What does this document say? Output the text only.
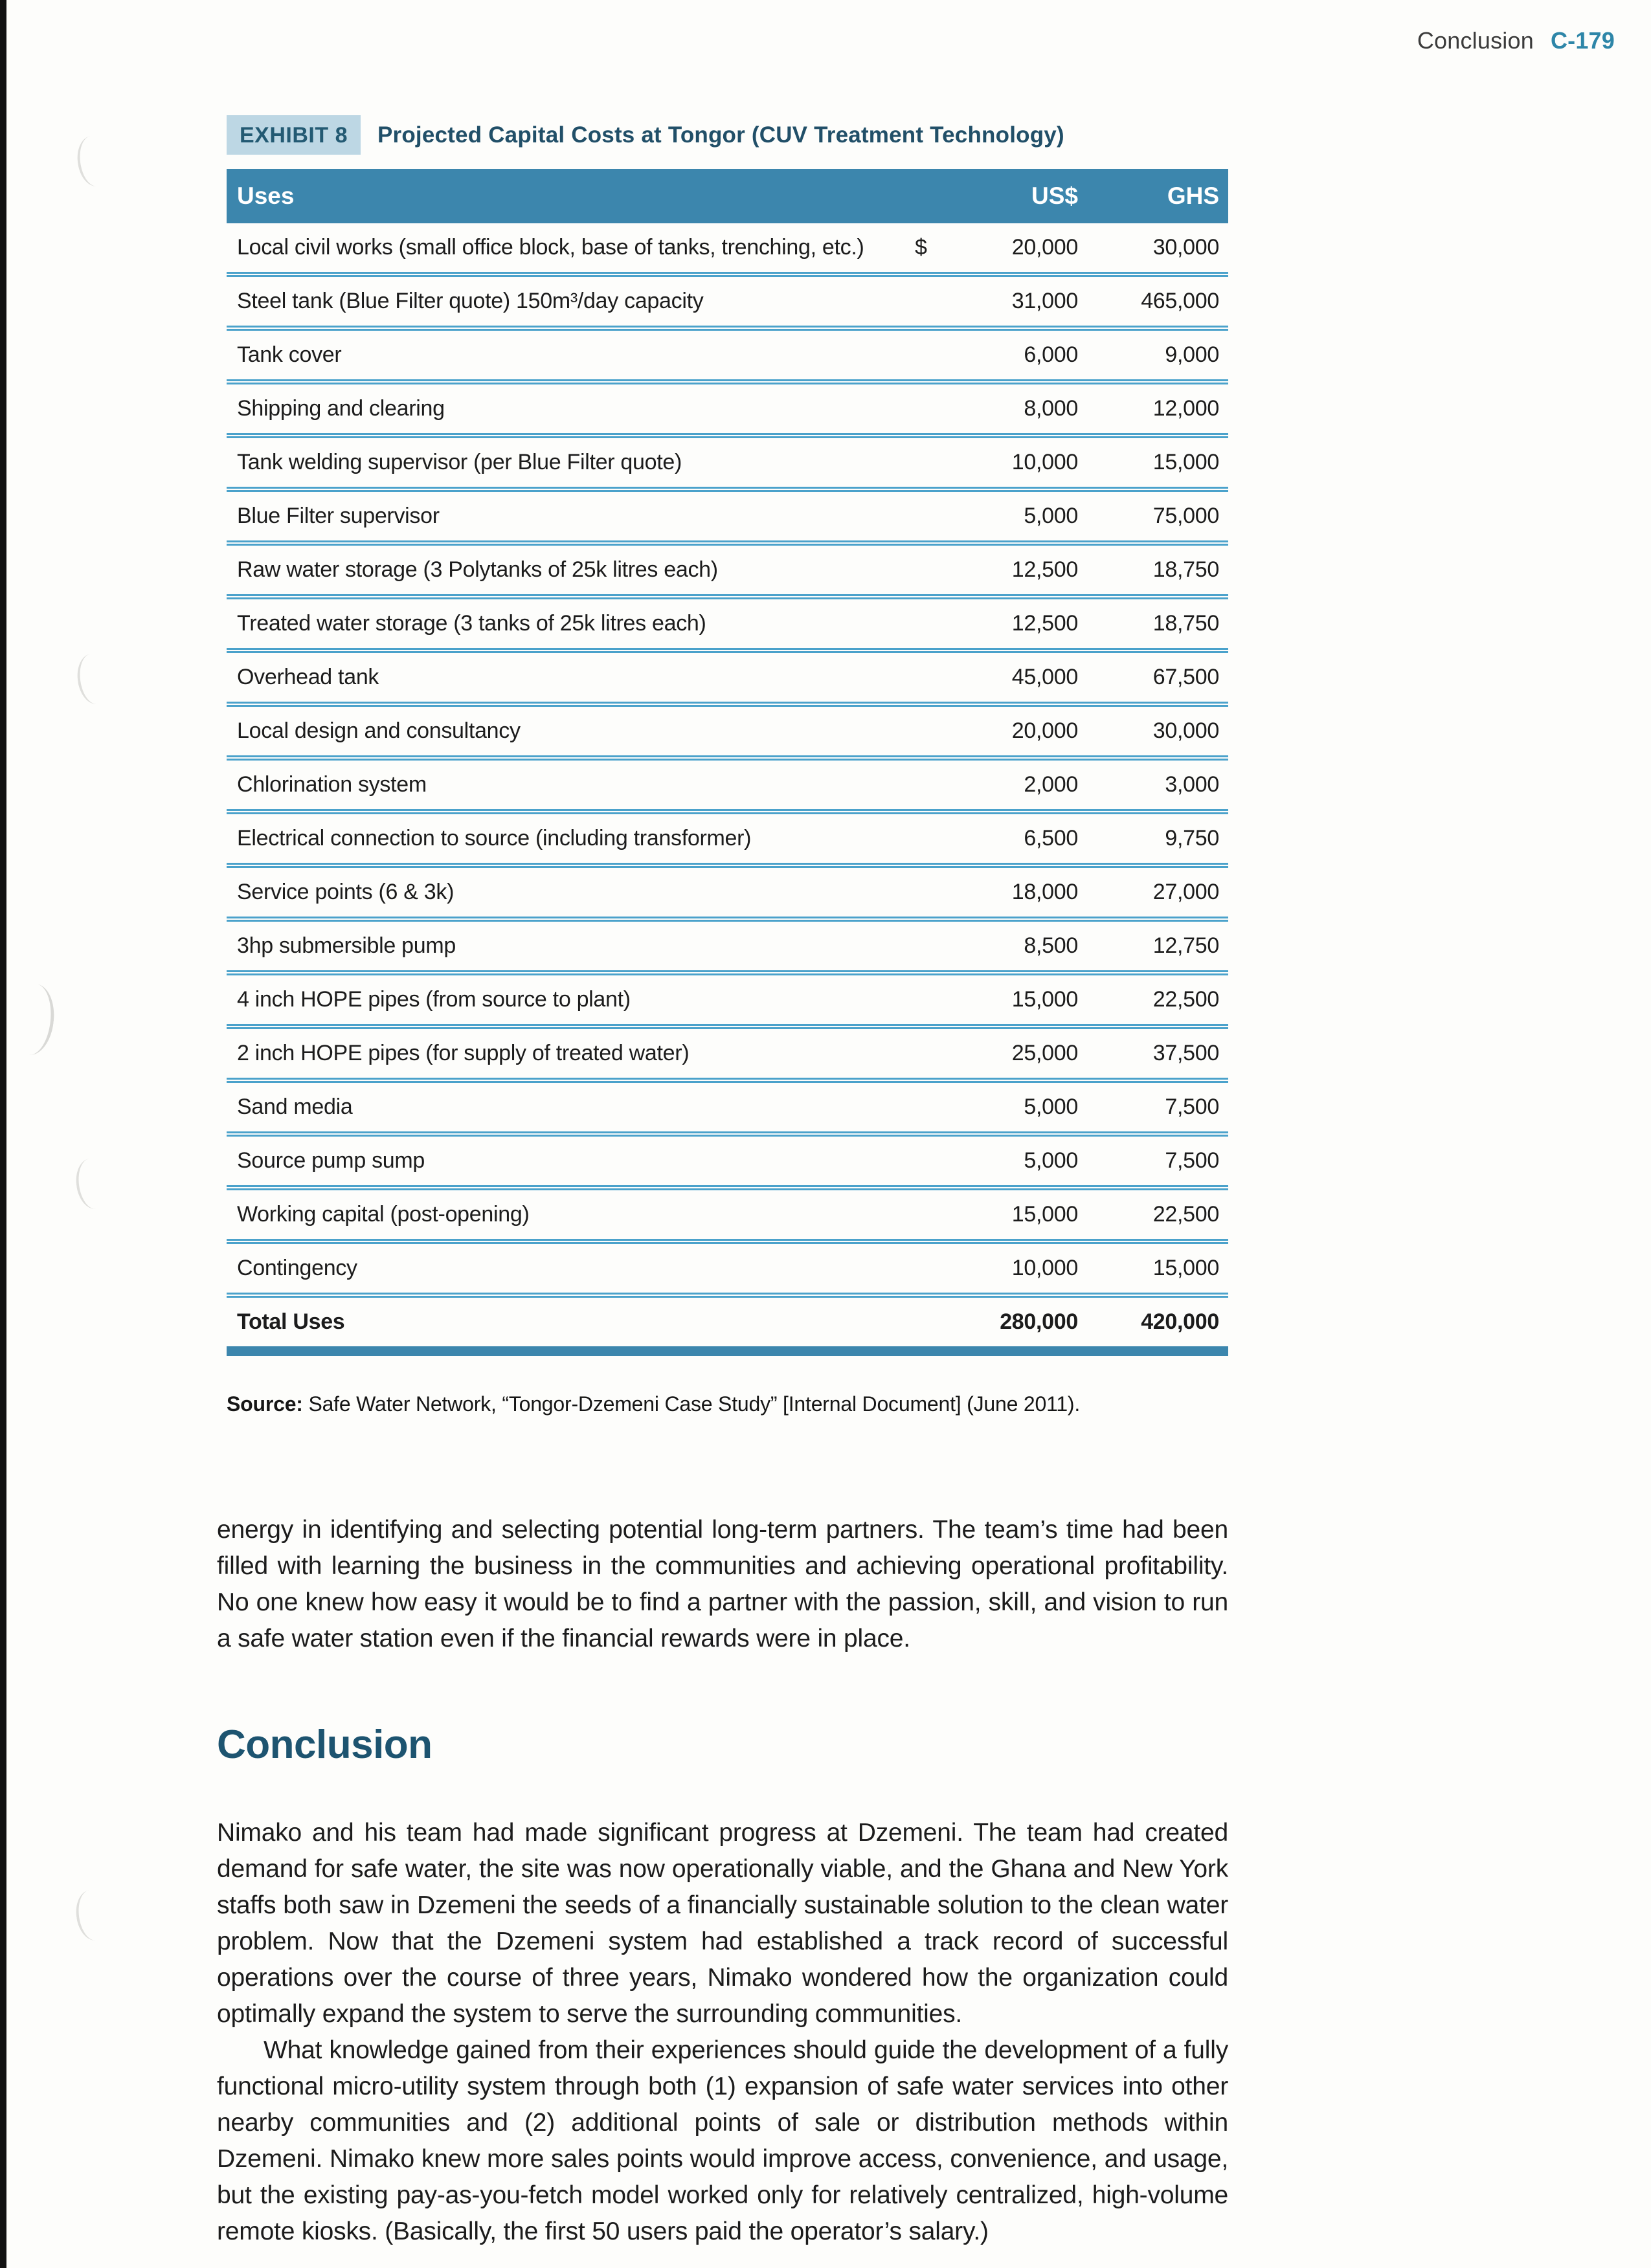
Conclusion C-179
EXHIBIT 8	Projected Capital Costs at Tongor (CUV Treatment Technology)
Uses	US$	GHS
Local civil works (small office block, base of tanks, trenching, etc.)	$	20,000	30,000
Steel tank (Blue Filter quote) 150m³/day capacity	31,000	465,000
Tank cover	6,000	9,000
Shipping and clearing	8,000	12,000
Tank welding supervisor (per Blue Filter quote)	10,000	15,000
Blue Filter supervisor	5,000	75,000
Raw water storage (3 Polytanks of 25k litres each)	12,500	18,750
Treated water storage (3 tanks of 25k litres each)	12,500	18,750
Overhead tank	45,000	67,500
Local design and consultancy	20,000	30,000
Chlorination system	2,000	3,000
Electrical connection to source (including transformer)	6,500	9,750
Service points (6 & 3k)	18,000	27,000
3hp submersible pump	8,500	12,750
4 inch HOPE pipes (from source to plant)	15,000	22,500
2 inch HOPE pipes (for supply of treated water)	25,000	37,500
Sand media	5,000	7,500
Source pump sump	5,000	7,500
Working capital (post-opening)	15,000	22,500
Contingency	10,000	15,000
Total Uses	280,000	420,000
Source: Safe Water Network, “Tongor-Dzemeni Case Study” [Internal Document] (June 2011).

energy in identifying and selecting potential long-term partners. The team’s time had been filled with learning the business in the communities and achieving operational profitability. No one knew how easy it would be to find a partner with the passion, skill, and vision to run a safe water station even if the financial rewards were in place.

Conclusion

Nimako and his team had made significant progress at Dzemeni. The team had created demand for safe water, the site was now operationally viable, and the Ghana and New York staffs both saw in Dzemeni the seeds of a financially sustainable solution to the clean water problem. Now that the Dzemeni system had established a track record of successful operations over the course of three years, Nimako wondered how the organization could optimally expand the system to serve the surrounding communities.

What knowledge gained from their experiences should guide the development of a fully functional micro-utility system through both (1) expansion of safe water services into other nearby communities and (2) additional points of sale or distribution methods within Dzemeni. Nimako knew more sales points would improve access, convenience, and usage, but the existing pay-as-you-fetch model worked only for relatively centralized, high-volume remote kiosks. (Basically, the first 50 users paid the operator’s salary.)
